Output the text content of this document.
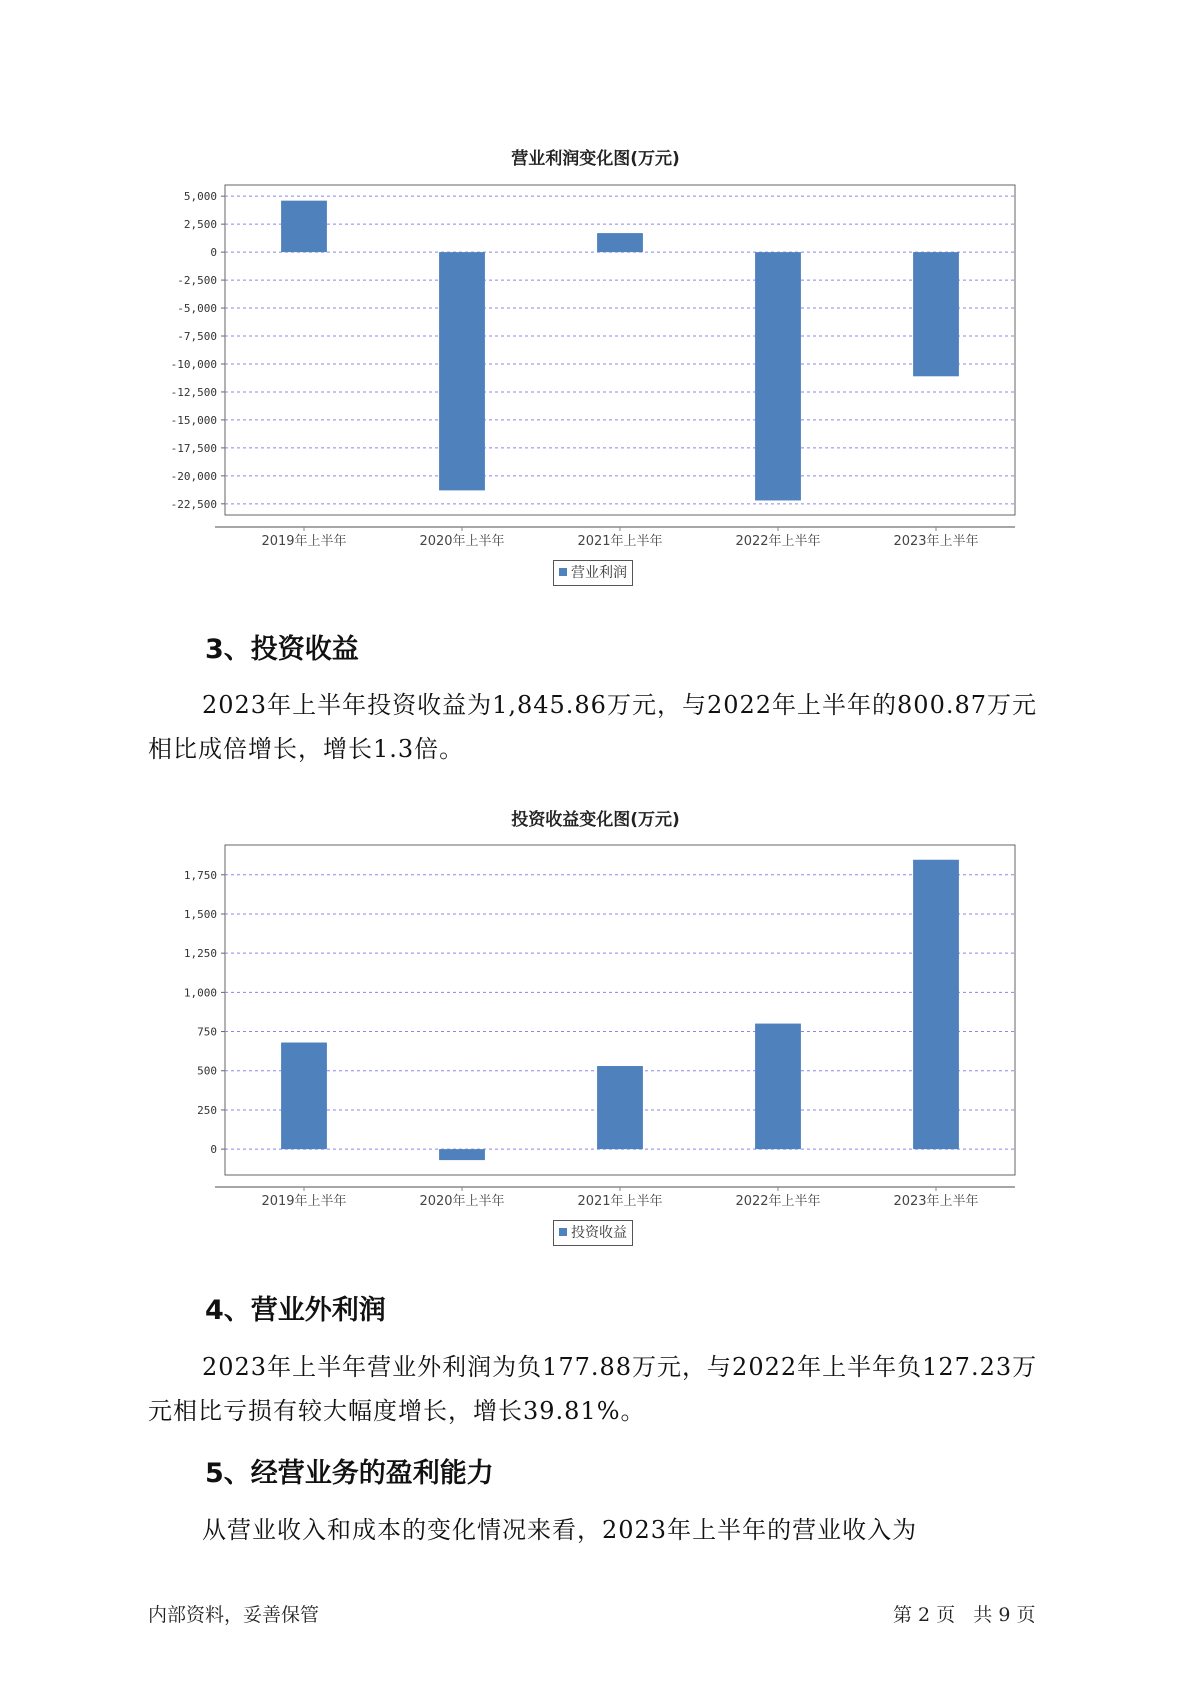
营业利润变化图(万元)
5,000
2,500
0
-2,500
-5,000
-7,500
-10,000
-12,500
-15,000
-17,500
-20,000
-22,500
2019年上半年	2020年上半年	2021年上半年	2022年上半年	2023年上半年
营业利润
3、投资收益

2023年上半年投资收益为1,845.86万元，与2022年上半年的800.87万元相比成倍增长，增长1.3倍。

投资收益变化图(万元)
1,750
1,500
1,250
1,000
750
500
250
0
2019年上半年	2020年上半年	2021年上半年	2022年上半年	2023年上半年
投资收益
4、营业外利润

2023年上半年营业外利润为负177.88万元，与2022年上半年负127.23万元相比亏损有较大幅度增长，增长39.81%。

5、经营业务的盈利能力

从营业收入和成本的变化情况来看，2023年上半年的营业收入为

内部资料，妥善保管	第 2 页   共 9 页
